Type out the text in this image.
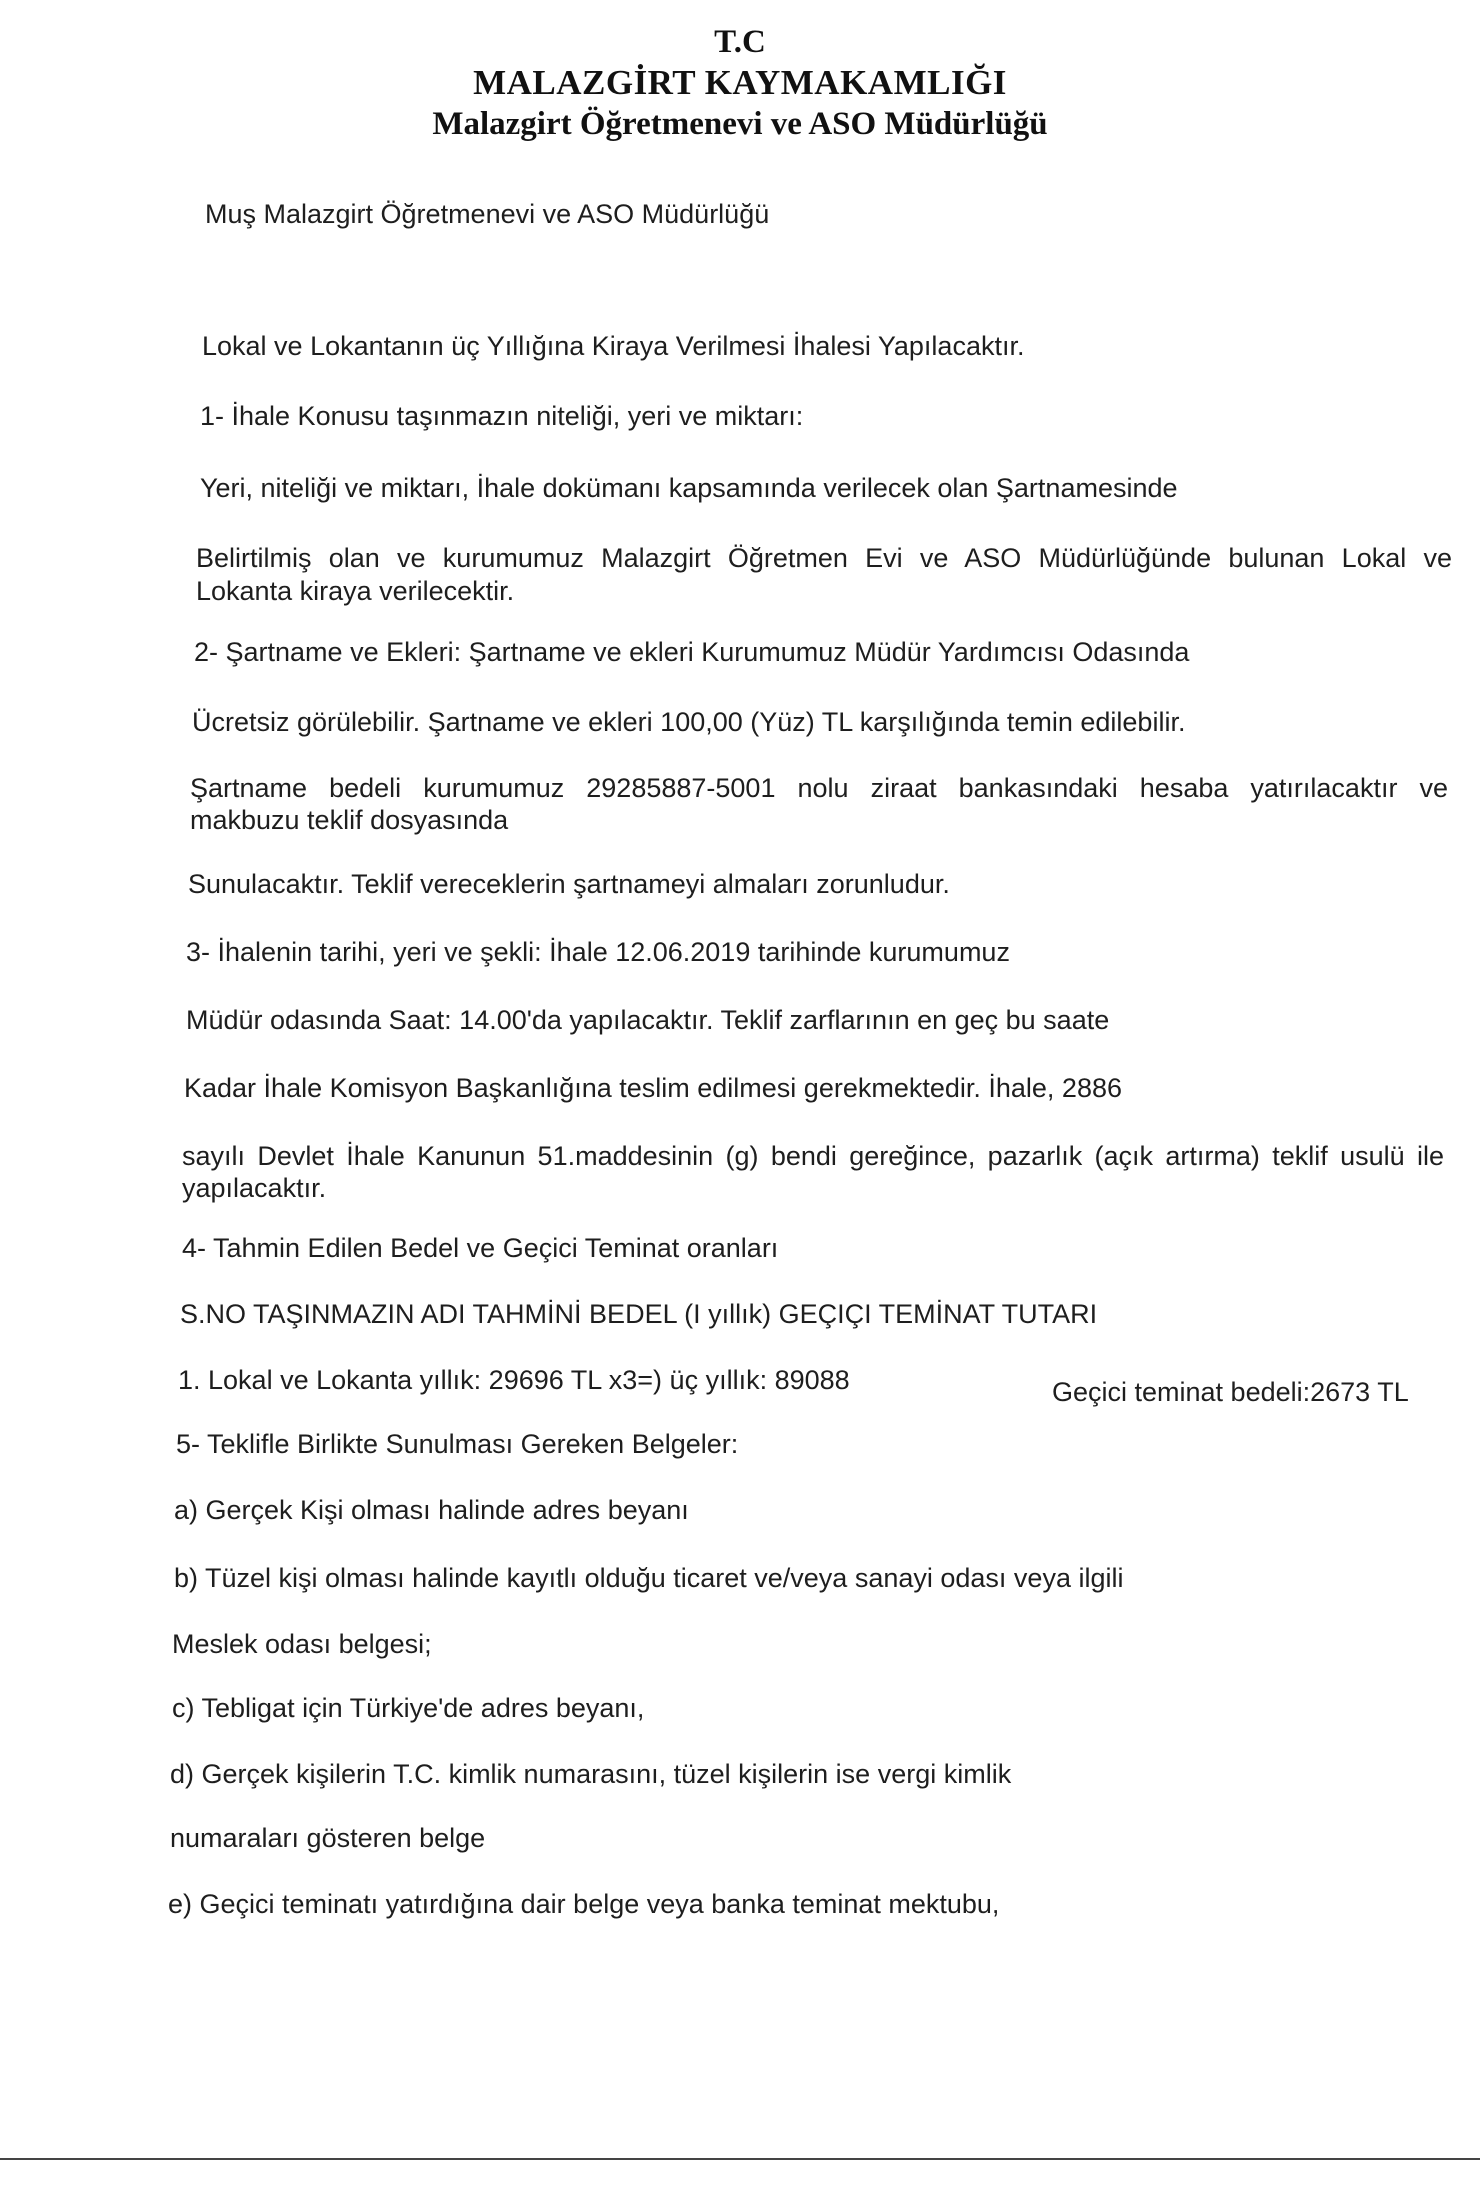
T.C
MALAZGİRT KAYMAKAMLIĞI
Malazgirt Öğretmenevi ve ASO Müdürlüğü
Muş Malazgirt Öğretmenevi ve ASO Müdürlüğü
Lokal ve Lokantanın üç Yıllığına Kiraya Verilmesi İhalesi Yapılacaktır.
1- İhale Konusu taşınmazın niteliği, yeri ve miktarı:
Yeri, niteliği ve miktarı, İhale dokümanı kapsamında verilecek olan Şartnamesinde
Belirtilmiş olan ve kurumumuz Malazgirt Öğretmen Evi ve ASO Müdürlüğünde bulunan Lokal ve
Lokanta kiraya verilecektir.
2- Şartname ve Ekleri: Şartname ve ekleri Kurumumuz Müdür Yardımcısı Odasında
Ücretsiz görülebilir. Şartname ve ekleri 100,00 (Yüz) TL karşılığında temin edilebilir.
Şartname bedeli kurumumuz 29285887-5001 nolu ziraat bankasındaki hesaba yatırılacaktır ve
makbuzu teklif dosyasında
Sunulacaktır. Teklif vereceklerin şartnameyi almaları zorunludur.
3- İhalenin tarihi, yeri ve şekli: İhale 12.06.2019 tarihinde kurumumuz
Müdür odasında Saat: 14.00'da yapılacaktır. Teklif zarflarının en geç bu saate
Kadar İhale Komisyon Başkanlığına teslim edilmesi gerekmektedir. İhale, 2886
sayılı Devlet İhale Kanunun 51.maddesinin (g) bendi gereğince, pazarlık (açık artırma) teklif usulü ile
yapılacaktır.
4- Tahmin Edilen Bedel ve Geçici Teminat oranları
S.NO TAŞINMAZIN ADI TAHMİNİ BEDEL (I yıllık) GEÇIÇI TEMİNAT TUTARI
1. Lokal ve Lokanta yıllık: 29696 TL x3=) üç yıllık: 89088	Geçici teminat bedeli:2673 TL
5- Teklifle Birlikte Sunulması Gereken Belgeler:
a) Gerçek Kişi olması halinde adres beyanı
b) Tüzel kişi olması halinde kayıtlı olduğu ticaret ve/veya sanayi odası veya ilgili
Meslek odası belgesi;
c) Tebligat için Türkiye'de adres beyanı,
d) Gerçek kişilerin T.C. kimlik numarasını, tüzel kişilerin ise vergi kimlik
numaraları gösteren belge
e) Geçici teminatı yatırdığına dair belge veya banka teminat mektubu,
